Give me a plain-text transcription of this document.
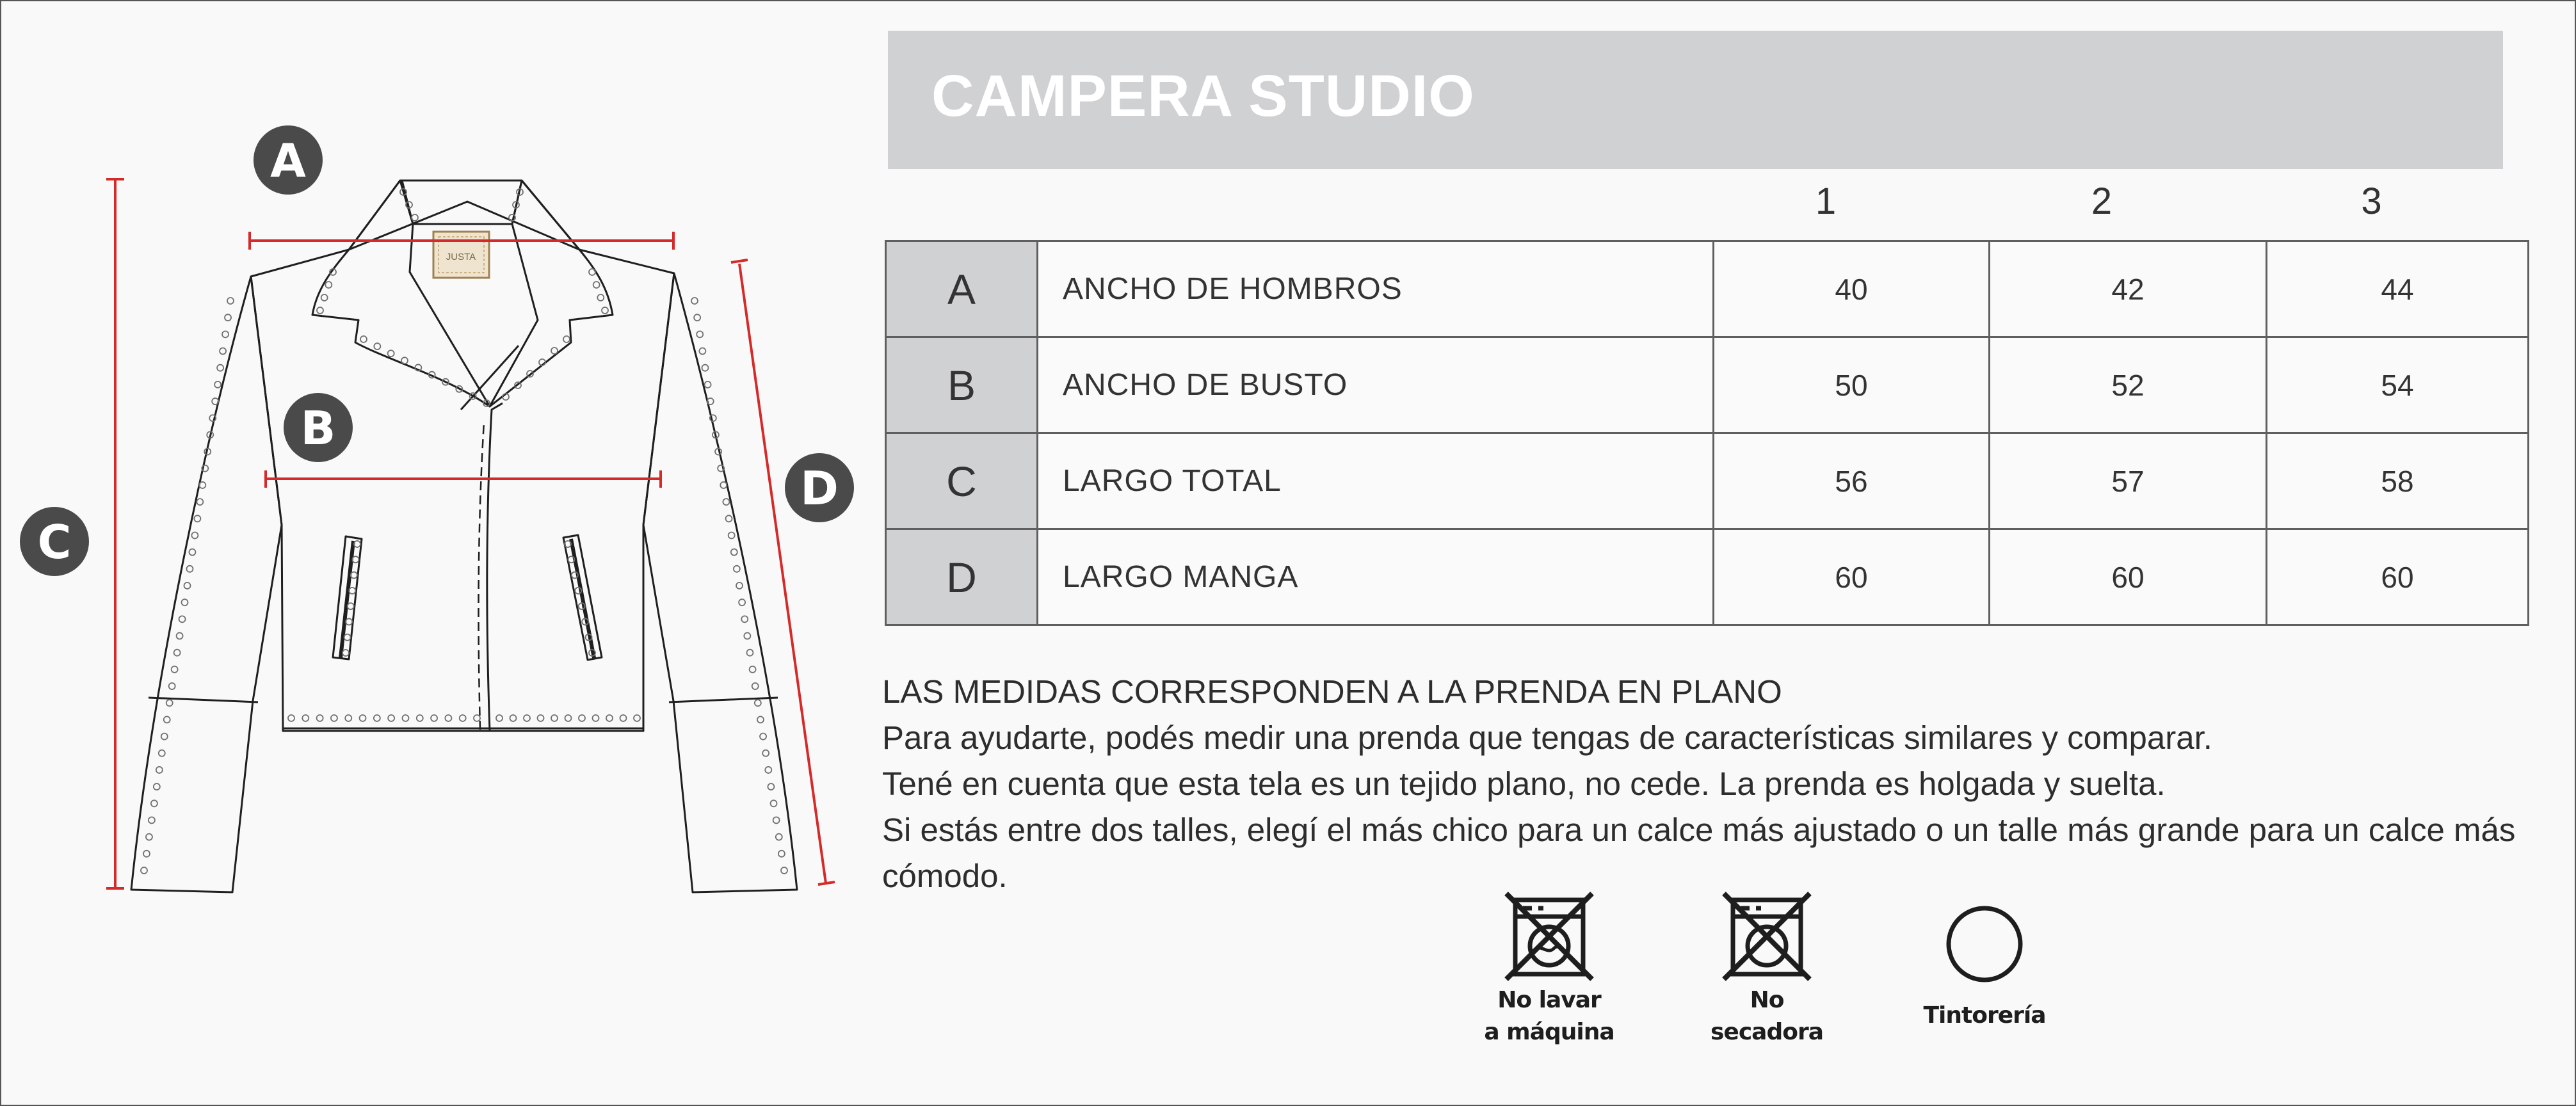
JUSTA
A
B
C
D
CAMPERA STUDIO
1	2	3
A	ANCHO DE HOMBROS	40	42	44
B	ANCHO DE BUSTO	50	52	54
C	LARGO TOTAL	56	57	58
D	LARGO MANGA	60	60	60

LAS MEDIDAS CORRESPONDEN A LA PRENDA EN PLANO

Para ayudarte, podés medir una prenda que tengas de características similares y comparar.

Tené en cuenta que esta tela es un tejido plano, no cede. La prenda es holgada y suelta.

Si estás entre dos talles, elegí el más chico para un calce más ajustado o un talle más grande para un calce más cómodo.

No lavar
a máquina
No
secadora
Tintorería
